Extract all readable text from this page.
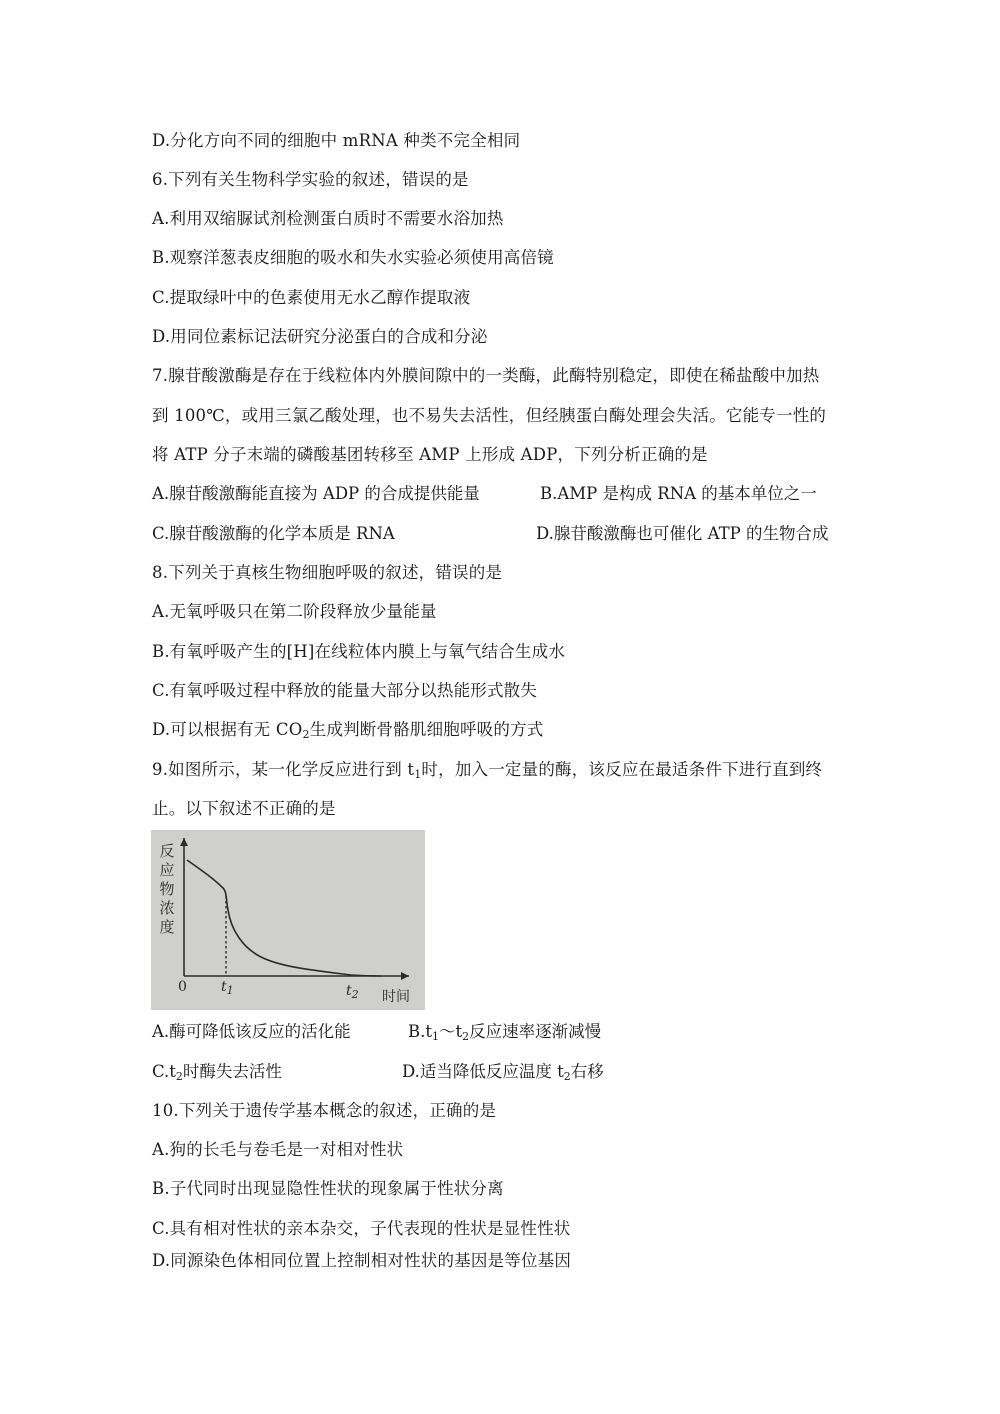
D.分化方向不同的细胞中 mRNA 种类不完全相同
6.下列有关生物科学实验的叙述，错误的是
A.利用双缩脲试剂检测蛋白质时不需要水浴加热
B.观察洋葱表皮细胞的吸水和失水实验必须使用高倍镜
C.提取绿叶中的色素使用无水乙醇作提取液
D.用同位素标记法研究分泌蛋白的合成和分泌
7.腺苷酸激酶是存在于线粒体内外膜间隙中的一类酶，此酶特别稳定，即使在稀盐酸中加热
到 100℃，或用三氯乙酸处理，也不易失去活性，但经胰蛋白酶处理会失活。它能专一性的
将 ATP 分子末端的磷酸基团转移至 AMP 上形成 ADP，下列分析正确的是
A.腺苷酸激酶能直接为 ADP 的合成提供能量	B.AMP 是构成 RNA 的基本单位之一
C.腺苷酸激酶的化学本质是 RNA	D.腺苷酸激酶也可催化 ATP 的生物合成
8.下列关于真核生物细胞呼吸的叙述，错误的是
A.无氧呼吸只在第二阶段释放少量能量
B.有氧呼吸产生的[H]在线粒体内膜上与氧气结合生成水
C.有氧呼吸过程中释放的能量大部分以热能形式散失
D.可以根据有无 $CO_2$生成判断骨骼肌细胞呼吸的方式
9.如图所示，某一化学反应进行到 $t_1$时，加入一定量的酶，该反应在最适条件下进行直到终
止。以下叙述不正确的是
反应物浓度
0 $t_1$	$t_2$ 时间
A.酶可降低该反应的活化能	$B.t_1\sim t_2$反应速率逐渐减慢
$C.t_2$时酶失去活性	D.适当降低反应温度 $t_2$右移
10.下列关于遗传学基本概念的叙述，正确的是
A.狗的长毛与卷毛是一对相对性状
B.子代同时出现显隐性性状的现象属于性状分离
C.具有相对性状的亲本杂交，子代表现的性状是显性性状
D.同源染色体相同位置上控制相对性状的基因是等位基因
